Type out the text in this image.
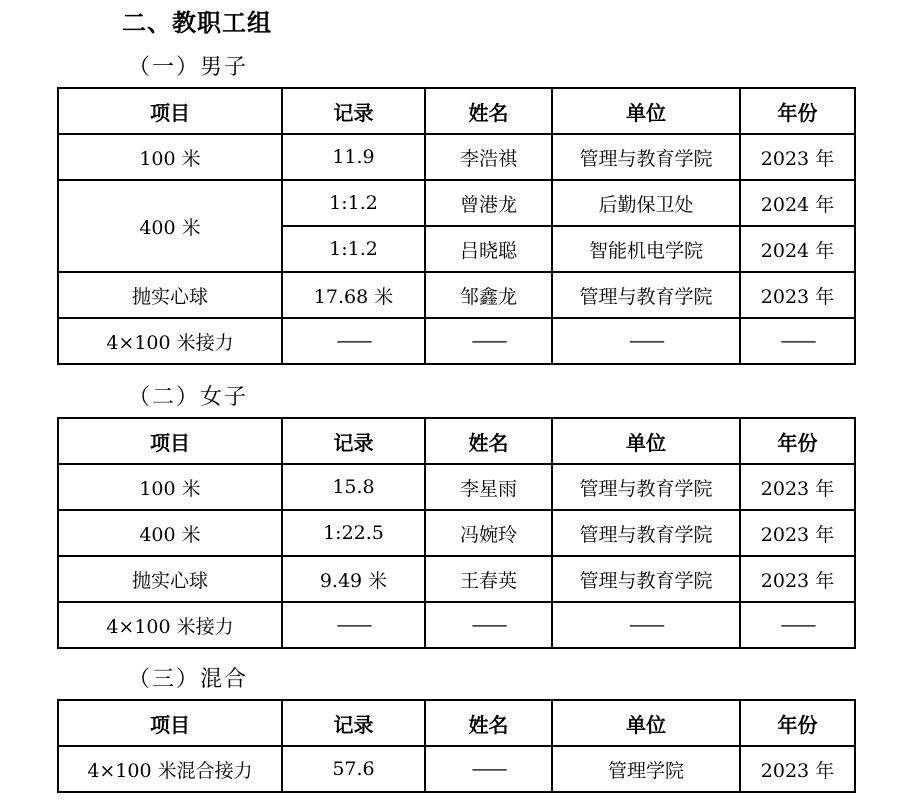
二、教职工组
（一）男子
项目	记录	姓名	单位	年份
100 米	11.9	李浩祺	管理与教育学院	2023 年
400 米	1:1.2	曾港龙	后勤保卫处	2024 年
	1:1.2	吕晓聪	智能机电学院	2024 年
抛实心球	17.68 米	邹鑫龙	管理与教育学院	2023 年
4×100 米接力	——	——	——	——
（二）女子
项目	记录	姓名	单位	年份
100 米	15.8	李星雨	管理与教育学院	2023 年
400 米	1:22.5	冯婉玲	管理与教育学院	2023 年
抛实心球	9.49 米	王春英	管理与教育学院	2023 年
4×100 米接力	——	——	——	——
（三）混合
项目	记录	姓名	单位	年份
4×100 米混合接力	57.6	——	管理学院	2023 年
